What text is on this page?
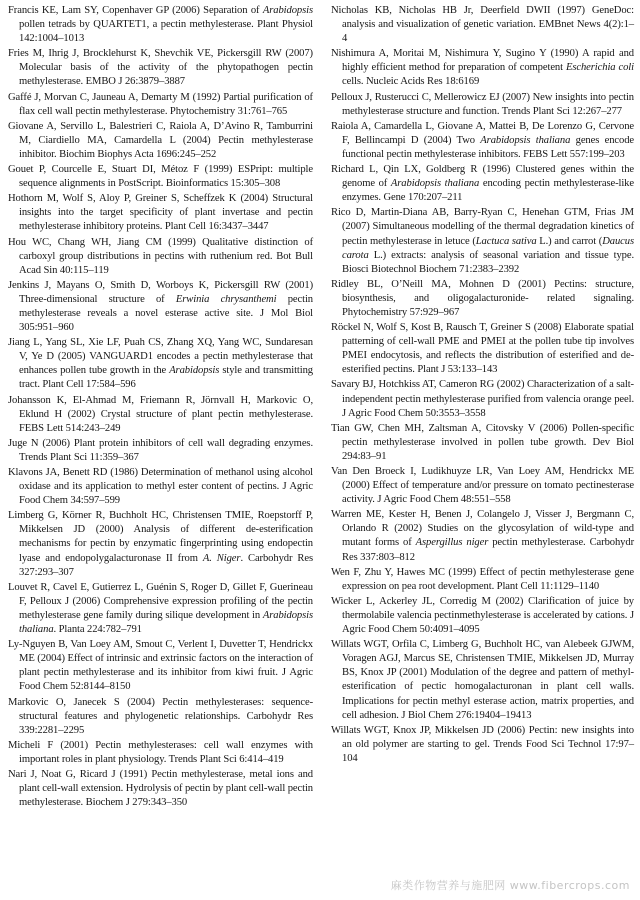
Francis KE, Lam SY, Copenhaver GP (2006) Separation of Arabidopsis pollen tetrads by QUARTET1, a pectin methylesterase. Plant Physiol 142:1004–1013

Fries M, Ihrig J, Brocklehurst K, Shevchik VE, Pickersgill RW (2007) Molecular basis of the activity of the phytopathogen pectin methylesterase. EMBO J 26:3879–3887

Gaffé J, Morvan C, Jauneau A, Demarty M (1992) Partial purification of flax cell wall pectin methylesterase. Phytochemistry 31:761–765

Giovane A, Servillo L, Balestrieri C, Raiola A, D’Avino R, Tamburrini M, Ciardiello MA, Camardella L (2004) Pectin methylesterase inhibitor. Biochim Biophys Acta 1696:245–252

Gouet P, Courcelle E, Stuart DI, Métoz F (1999) ESPript: multiple sequence alignments in PostScript. Bioinformatics 15:305–308

Hothorn M, Wolf S, Aloy P, Greiner S, Scheffzek K (2004) Structural insights into the target specificity of plant invertase and pectin methylesterase inhibitory proteins. Plant Cell 16:3437–3447

Hou WC, Chang WH, Jiang CM (1999) Qualitative distinction of carboxyl group distributions in pectins with ruthenium red. Bot Bull Acad Sin 40:115–119

Jenkins J, Mayans O, Smith D, Worboys K, Pickersgill RW (2001) Three-dimensional structure of Erwinia chrysanthemi pectin methylesterase reveals a novel esterase active site. J Mol Biol 305:951–960

Jiang L, Yang SL, Xie LF, Puah CS, Zhang XQ, Yang WC, Sundaresan V, Ye D (2005) VANGUARD1 encodes a pectin methylesterase that enhances pollen tube growth in the Arabidopsis style and transmitting tract. Plant Cell 17:584–596

Johansson K, El-Ahmad M, Friemann R, Jörnvall H, Markovic O, Eklund H (2002) Crystal structure of plant pectin methylesterase. FEBS Lett 514:243–249

Juge N (2006) Plant protein inhibitors of cell wall degrading enzymes. Trends Plant Sci 11:359–367

Klavons JA, Benett RD (1986) Determination of methanol using alcohol oxidase and its application to methyl ester content of pectins. J Agric Food Chem 34:597–599

Limberg G, Körner R, Buchholt HC, Christensen TMIE, Roepstorff P, Mikkelsen JD (2000) Analysis of different de-esterification mechanisms for pectin by enzymatic fingerprinting using endopectin lyase and endopolygalacturonase II from A. Niger. Carbohydr Res 327:293–307

Louvet R, Cavel E, Gutierrez L, Guénin S, Roger D, Gillet F, Guerineau F, Pelloux J (2006) Comprehensive expression profiling of the pectin methylesterase gene family during silique development in Arabidopsis thaliana. Planta 224:782–791

Ly-Nguyen B, Van Loey AM, Smout C, Verlent I, Duvetter T, Hendrickx ME (2004) Effect of intrinsic and extrinsic factors on the interaction of plant pectin methylesterase and its inhibitor from kiwi fruit. J Agric Food Chem 52:8144–8150

Markovic O, Janecek S (2004) Pectin methylesterases: sequence-structural features and phylogenetic relationships. Carbohydr Res 339:2281–2295

Micheli F (2001) Pectin methylesterases: cell wall enzymes with important roles in plant physiology. Trends Plant Sci 6:414–419

Nari J, Noat G, Ricard J (1991) Pectin methylesterase, metal ions and plant cell-wall extension. Hydrolysis of pectin by plant cell-wall pectin methylesterase. Biochem J 279:343–350

Nicholas KB, Nicholas HB Jr, Deerfield DWII (1997) GeneDoc: analysis and visualization of genetic variation. EMBnet News 4(2):1–4

Nishimura A, Moritai M, Nishimura Y, Sugino Y (1990) A rapid and highly efficient method for preparation of competent Escherichia coli cells. Nucleic Acids Res 18:6169

Pelloux J, Rusterucci C, Mellerowicz EJ (2007) New insights into pectin methylesterase structure and function. Trends Plant Sci 12:267–277

Raiola A, Camardella L, Giovane A, Mattei B, De Lorenzo G, Cervone F, Bellincampi D (2004) Two Arabidopsis thaliana genes encode functional pectin methylesterase inhibitors. FEBS Lett 557:199–203

Richard L, Qin LX, Goldberg R (1996) Clustered genes within the genome of Arabidopsis thaliana encoding pectin methylesterase-like enzymes. Gene 170:207–211

Rico D, Martin-Diana AB, Barry-Ryan C, Henehan GTM, Frias JM (2007) Simultaneous modelling of the thermal degradation kinetics of pectin methylesterase in letuce (Lactuca sativa L.) and carrot (Daucus carota L.) extracts: analysis of seasonal variation and tissue type. Biosci Biotechnol Biochem 71:2383–2392

Ridley BL, O’Neill MA, Mohnen D (2001) Pectins: structure, biosynthesis, and oligogalacturonide- related signaling. Phytochemistry 57:929–967

Röckel N, Wolf S, Kost B, Rausch T, Greiner S (2008) Elaborate spatial patterning of cell-wall PME and PMEI at the pollen tube tip involves PMEI endocytosis, and reflects the distribution of esterified and de-esterified pectins. Plant J 53:133–143

Savary BJ, Hotchkiss AT, Cameron RG (2002) Characterization of a salt-independent pectin methylesterase purified from valencia orange peel. J Agric Food Chem 50:3553–3558

Tian GW, Chen MH, Zaltsman A, Citovsky V (2006) Pollen-specific pectin methylesterase involved in pollen tube growth. Dev Biol 294:83–91

Van Den Broeck I, Ludikhuyze LR, Van Loey AM, Hendrickx ME (2000) Effect of temperature and/or pressure on tomato pectinesterase activity. J Agric Food Chem 48:551–558

Warren ME, Kester H, Benen J, Colangelo J, Visser J, Bergmann C, Orlando R (2002) Studies on the glycosylation of wild-type and mutant forms of Aspergillus niger pectin methylesterase. Carbohydr Res 337:803–812

Wen F, Zhu Y, Hawes MC (1999) Effect of pectin methylesterase gene expression on pea root development. Plant Cell 11:1129–1140

Wicker L, Ackerley JL, Corredig M (2002) Clarification of juice by thermolabile valencia pectinmethylesterase is accelerated by cations. J Agric Food Chem 50:4091–4095

Willats WGT, Orfila C, Limberg G, Buchholt HC, van Alebeek GJWM, Voragen AGJ, Marcus SE, Christensen TMIE, Mikkelsen JD, Murray BS, Knox JP (2001) Modulation of the degree and pattern of methyl-esterification of pectic homogalacturonan in plant cell walls. Implications for pectin methyl esterase action, matrix properties, and cell adhesion. J Biol Chem 276:19404–19413

Willats WGT, Knox JP, Mikkelsen JD (2006) Pectin: new insights into an old polymer are starting to gel. Trends Food Sci Technol 17:97–104

麻类作物营养与施肥网 www.fibercrops.com
